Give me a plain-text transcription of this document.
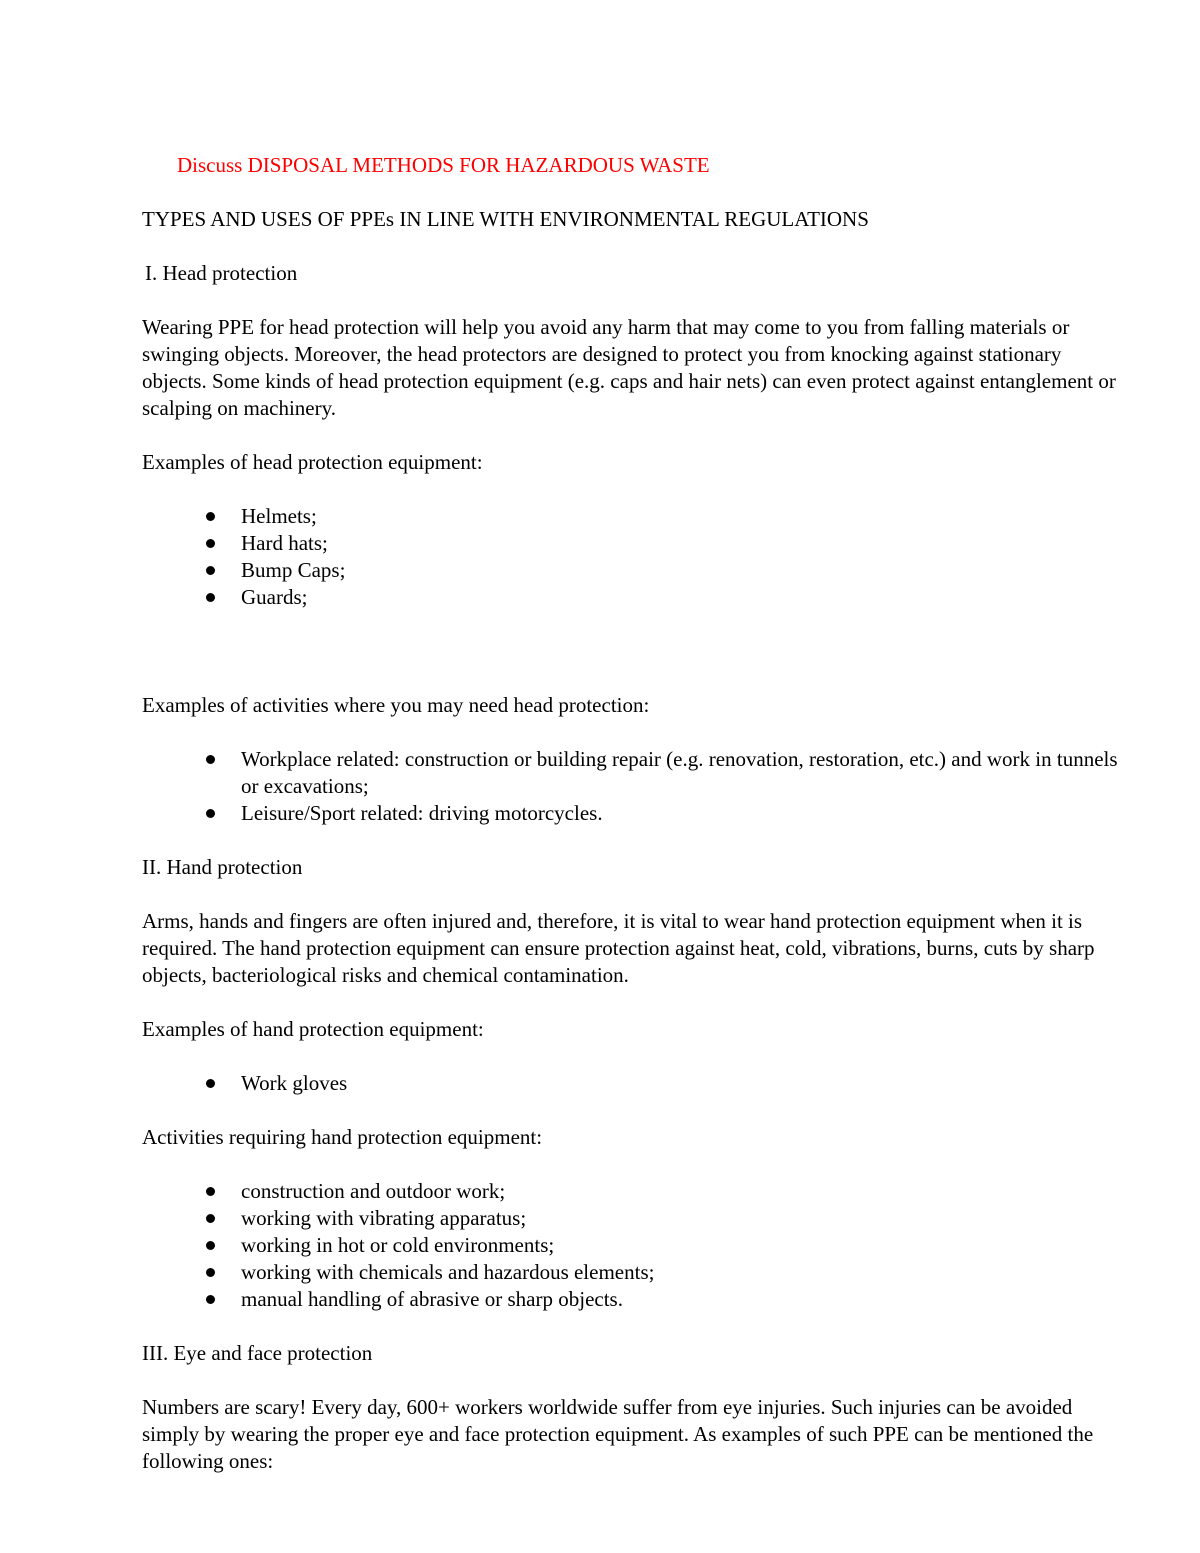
Discuss DISPOSAL METHODS FOR HAZARDOUS WASTE
TYPES AND USES OF PPEs IN LINE WITH ENVIRONMENTAL REGULATIONS
I. Head protection

Wearing PPE for head protection will help you avoid any harm that may come to you from falling materials or swinging objects. Moreover, the head protectors are designed to protect you from knocking against stationary objects. Some kinds of head protection equipment (e.g. caps and hair nets) can even protect against entanglement or scalping on machinery.

Examples of head protection equipment:

Helmets;
Hard hats;
Bump Caps;
Guards;

Examples of activities where you may need head protection:

Workplace related: construction or building repair (e.g. renovation, restoration, etc.) and work in tunnels or excavations;
Leisure/Sport related: driving motorcycles.
II. Hand protection

Arms, hands and fingers are often injured and, therefore, it is vital to wear hand protection equipment when it is required. The hand protection equipment can ensure protection against heat, cold, vibrations, burns, cuts by sharp objects, bacteriological risks and chemical contamination.

Examples of hand protection equipment:

Work gloves

Activities requiring hand protection equipment:

construction and outdoor work;
working with vibrating apparatus;
working in hot or cold environments;
working with chemicals and hazardous elements;
manual handling of abrasive or sharp objects.
III. Eye and face protection

Numbers are scary! Every day, 600+ workers worldwide suffer from eye injuries. Such injuries can be avoided simply by wearing the proper eye and face protection equipment. As examples of such PPE can be mentioned the following ones:
